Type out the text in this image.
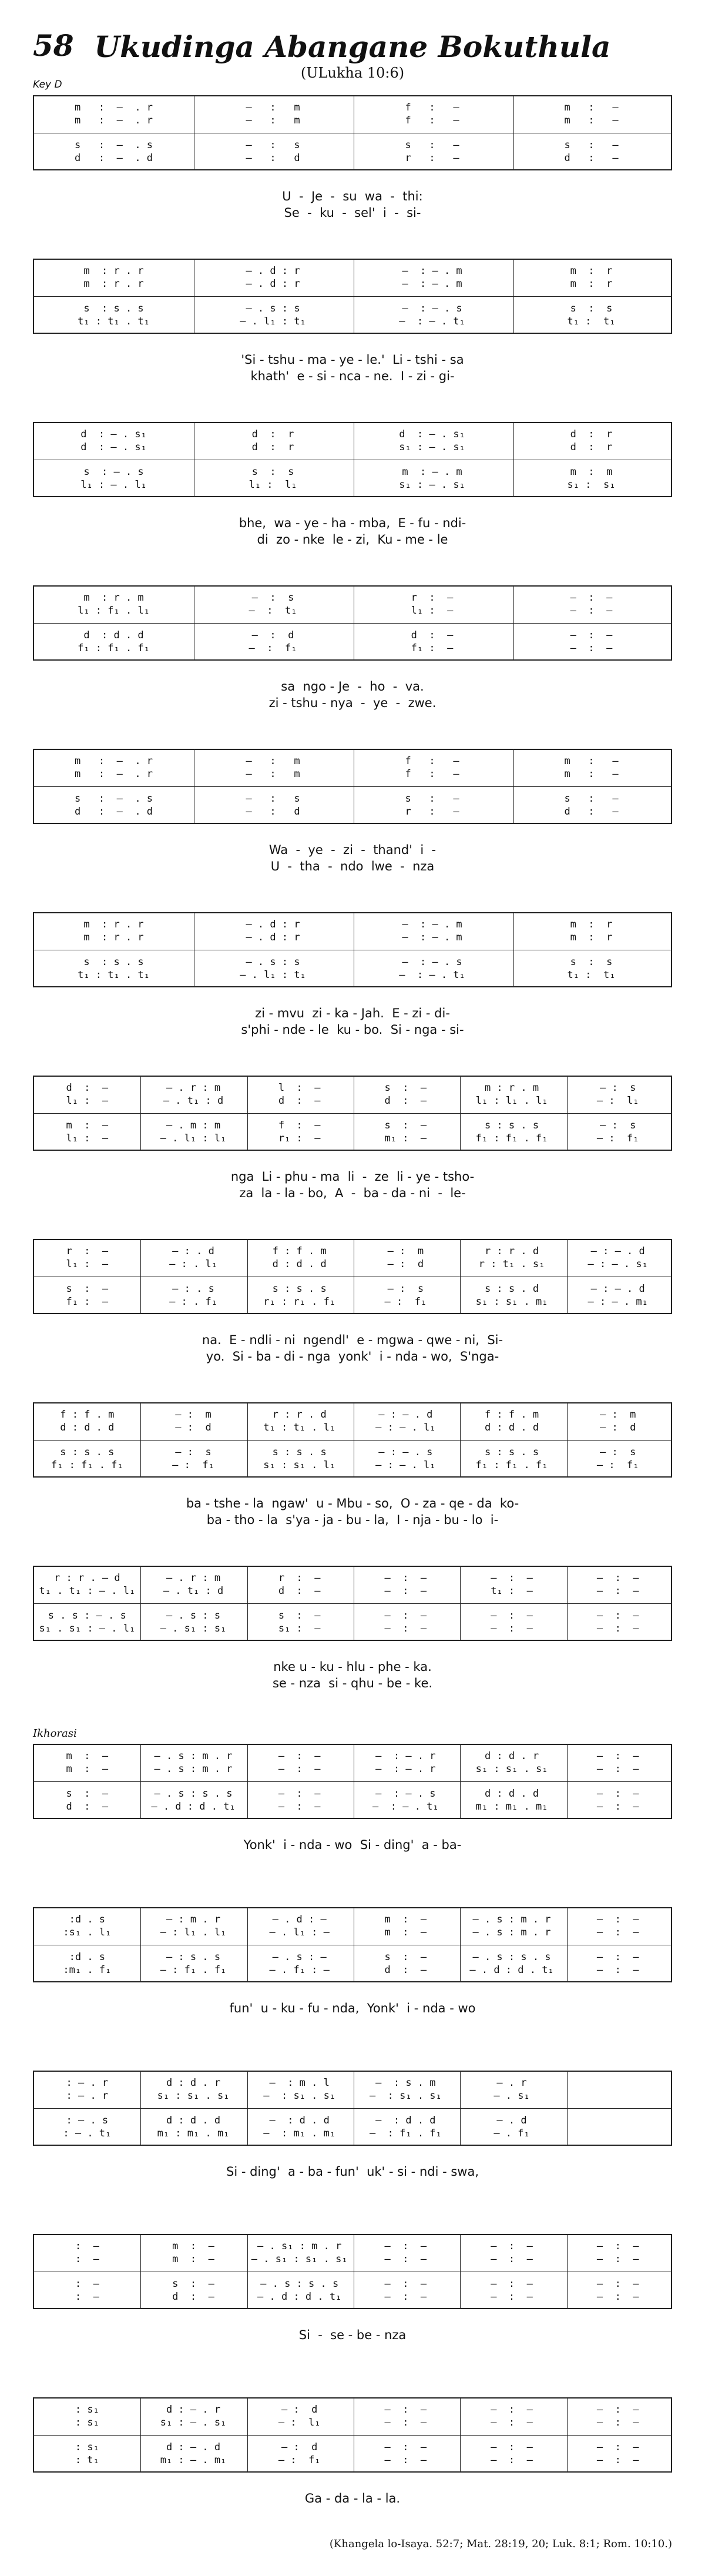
58 Ukudinga Abangane Bokuthula
(ULukha 10:6)
Key D
Ikhorasi
m   :  –  . r	—   :   m	f   :   —	m   :   —
m   :  –  . r	—   :   m	f   :   —	m   :   —
s   :  –  . s	—   :   s	s   :   —	s   :   —
d   :  –  . d	—   :   d	r   :   —	d   :   —
U  -  Je  -  su  wa  -  thi:
Se  -  ku  -  sel'  i  -  si-
m  : r . r	– . d : r	—  : – . m	m  :  r
m  : r . r	– . d : r	—  : – . m	m  :  r
s  : s . s	– . s : s	—  : – . s	s  :  s
t₁ : t₁ . t₁	– . l₁ : t₁	—  : – . t₁	t₁ :  t₁
'Si - tshu - ma - ye - le.'  Li - tshi - sa
khath'  e - si - nca - ne.  I - zi - gi-
d  : – . s₁	d  :  r	d  : – . s₁	d  :  r
d  : – . s₁	d  :  r	s₁ : – . s₁	d  :  r
s  : – . s	s  :  s	m  : – . m	m  :  m
l₁ : – . l₁	l₁ :  l₁	s₁ : – . s₁	s₁ :  s₁
bhe,  wa - ye - ha - mba,  E - fu - ndi-
di  zo - nke  le - zi,  Ku - me - le
m  : r . m	—  :  s	r  :  —	—  :  —
l₁ : f₁ . l₁	—  :  t₁	l₁ :  —	—  :  —
d  : d . d	—  :  d	d  :  —	—  :  —
f₁ : f₁ . f₁	—  :  f₁	f₁ :  —	—  :  —
sa  ngo - Je  -  ho  -  va.
zi - tshu - nya  -  ye  -  zwe.
m   :  –  . r	—   :   m	f   :   —	m   :   —
m   :  –  . r	—   :   m	f   :   —	m   :   —
s   :  –  . s	—   :   s	s   :   —	s   :   —
d   :  –  . d	—   :   d	r   :   —	d   :   —
Wa  -  ye  -  zi  -  thand'  i  -
U  -  tha  -  ndo  lwe  -  nza
m  : r . r	– . d : r	—  : – . m	m  :  r
m  : r . r	– . d : r	—  : – . m	m  :  r
s  : s . s	– . s : s	—  : – . s	s  :  s
t₁ : t₁ . t₁	– . l₁ : t₁	—  : – . t₁	t₁ :  t₁
zi - mvu  zi - ka - Jah.  E - zi - di-
s'phi - nde - le  ku - bo.  Si - nga - si-
d  :  —	– . r : m	l  :  —	s  :  —	m : r . m	— :  s
l₁ :  —	– . t₁ : d	d  :  —	d  :  —	l₁ : l₁ . l₁	— :  l₁
m  :  —	– . m : m	f  :  —	s  :  —	s : s . s	— :  s
l₁ :  —	– . l₁ : l₁	r₁ :  —	m₁ :  —	f₁ : f₁ . f₁	— :  f₁
nga  Li - phu - ma  li  -  ze  li - ye - tsho-
za  la - la - bo,  A  -  ba - da - ni  -  le-
r  :  —	— : . d	f : f . m	— :  m	r : r . d	— : – . d
l₁ :  —	— : . l₁	d : d . d	— :  d	r : t₁ . s₁	— : – . s₁
s  :  —	— : . s	s : s . s	— :  s	s : s . d	— : – . d
f₁ :  —	— : . f₁	r₁ : r₁ . f₁	— :  f₁	s₁ : s₁ . m₁	— : – . m₁
na.  E - ndli - ni  ngendl'  e - mgwa - qwe - ni,  Si-
yo.  Si - ba - di - nga  yonk'  i - nda - wo,  S'nga-
f : f . m	— :  m	r : r . d	— : – . d	f : f . m	— :  m
d : d . d	— :  d	t₁ : t₁ . l₁	— : – . l₁	d : d . d	— :  d
s : s . s	— :  s	s : s . s	— : – . s	s : s . s	— :  s
f₁ : f₁ . f₁	— :  f₁	s₁ : s₁ . l₁	— : – . l₁	f₁ : f₁ . f₁	— :  f₁
ba - tshe - la  ngaw'  u - Mbu - so,  O - za - qe - da  ko-
ba - tho - la  s'ya - ja - bu - la,  I - nja - bu - lo  i-
r : r . – d	– . r : m	r  :  —	—  :  —	—  :  —	—  :  —
t₁ . t₁ : – . l₁	– . t₁ : d	d  :  —	—  :  —	t₁ :  —	—  :  —
s . s : – . s	– . s : s	s  :  —	—  :  —	—  :  —	—  :  —
s₁ . s₁ : – . l₁	– . s₁ : s₁	s₁ :  —	—  :  —	—  :  —	—  :  —
nke u - ku - hlu - phe - ka.
se - nza  si - qhu - be - ke.
m  :  —	– . s : m . r	—  :  —	—  : – . r	d : d . r	—  :  —
m  :  —	– . s : m . r	—  :  —	—  : – . r	s₁ : s₁ . s₁	—  :  —
s  :  —	– . s : s . s	—  :  —	—  : – . s	d : d . d	—  :  —
d  :  —	– . d : d . t₁	—  :  —	—  : – . t₁	m₁ : m₁ . m₁	—  :  —
Yonk'  i - nda - wo  Si - ding'  a - ba-
:d . s	— : m . r	– . d : —	m  :  —	– . s : m . r	—  :  —
:s₁ . l₁	— : l₁ . l₁	– . l₁ : —	m  :  —	– . s : m . r	—  :  —
:d . s	— : s . s	– . s : —	s  :  —	– . s : s . s	—  :  —
:m₁ . f₁	— : f₁ . f₁	– . f₁ : —	d  :  —	– . d : d . t₁	—  :  —
fun'  u - ku - fu - nda,  Yonk'  i - nda - wo
: – . r	d : d . r	—  : m . l	—  : s . m	– . r
: – . r	s₁ : s₁ . s₁	—  : s₁ . s₁	—  : s₁ . s₁	– . s₁
: – . s	d : d . d	—  : d . d	—  : d . d	– . d
: – . t₁	m₁ : m₁ . m₁	—  : m₁ . m₁	—  : f₁ . f₁	– . f₁
Si - ding'  a - ba - fun'  uk' - si - ndi - swa,
:  —	m  :  —	– . s₁ : m . r	—  :  —	—  :  —	—  :  —
:  —	m  :  —	– . s₁ : s₁ . s₁	—  :  —	—  :  —	—  :  —
:  —	s  :  —	– . s : s . s	—  :  —	—  :  —	—  :  —
:  —	d  :  —	– . d : d . t₁	—  :  —	—  :  —	—  :  —
Si  -  se - be - nza
: s₁	d : – . r	— :  d	—  :  —	—  :  —	—  :  —
: s₁	s₁ : – . s₁	— :  l₁	—  :  —	—  :  —	—  :  —
: s₁	d : – . d	— :  d	—  :  —	—  :  —	—  :  —
: t₁	m₁ : – . m₁	— :  f₁	—  :  —	—  :  —	—  :  —
Ga - da - la - la.
(Khangela lo-Isaya. 52:7; Mat. 28:19, 20; Luk. 8:1; Rom. 10:10.)
